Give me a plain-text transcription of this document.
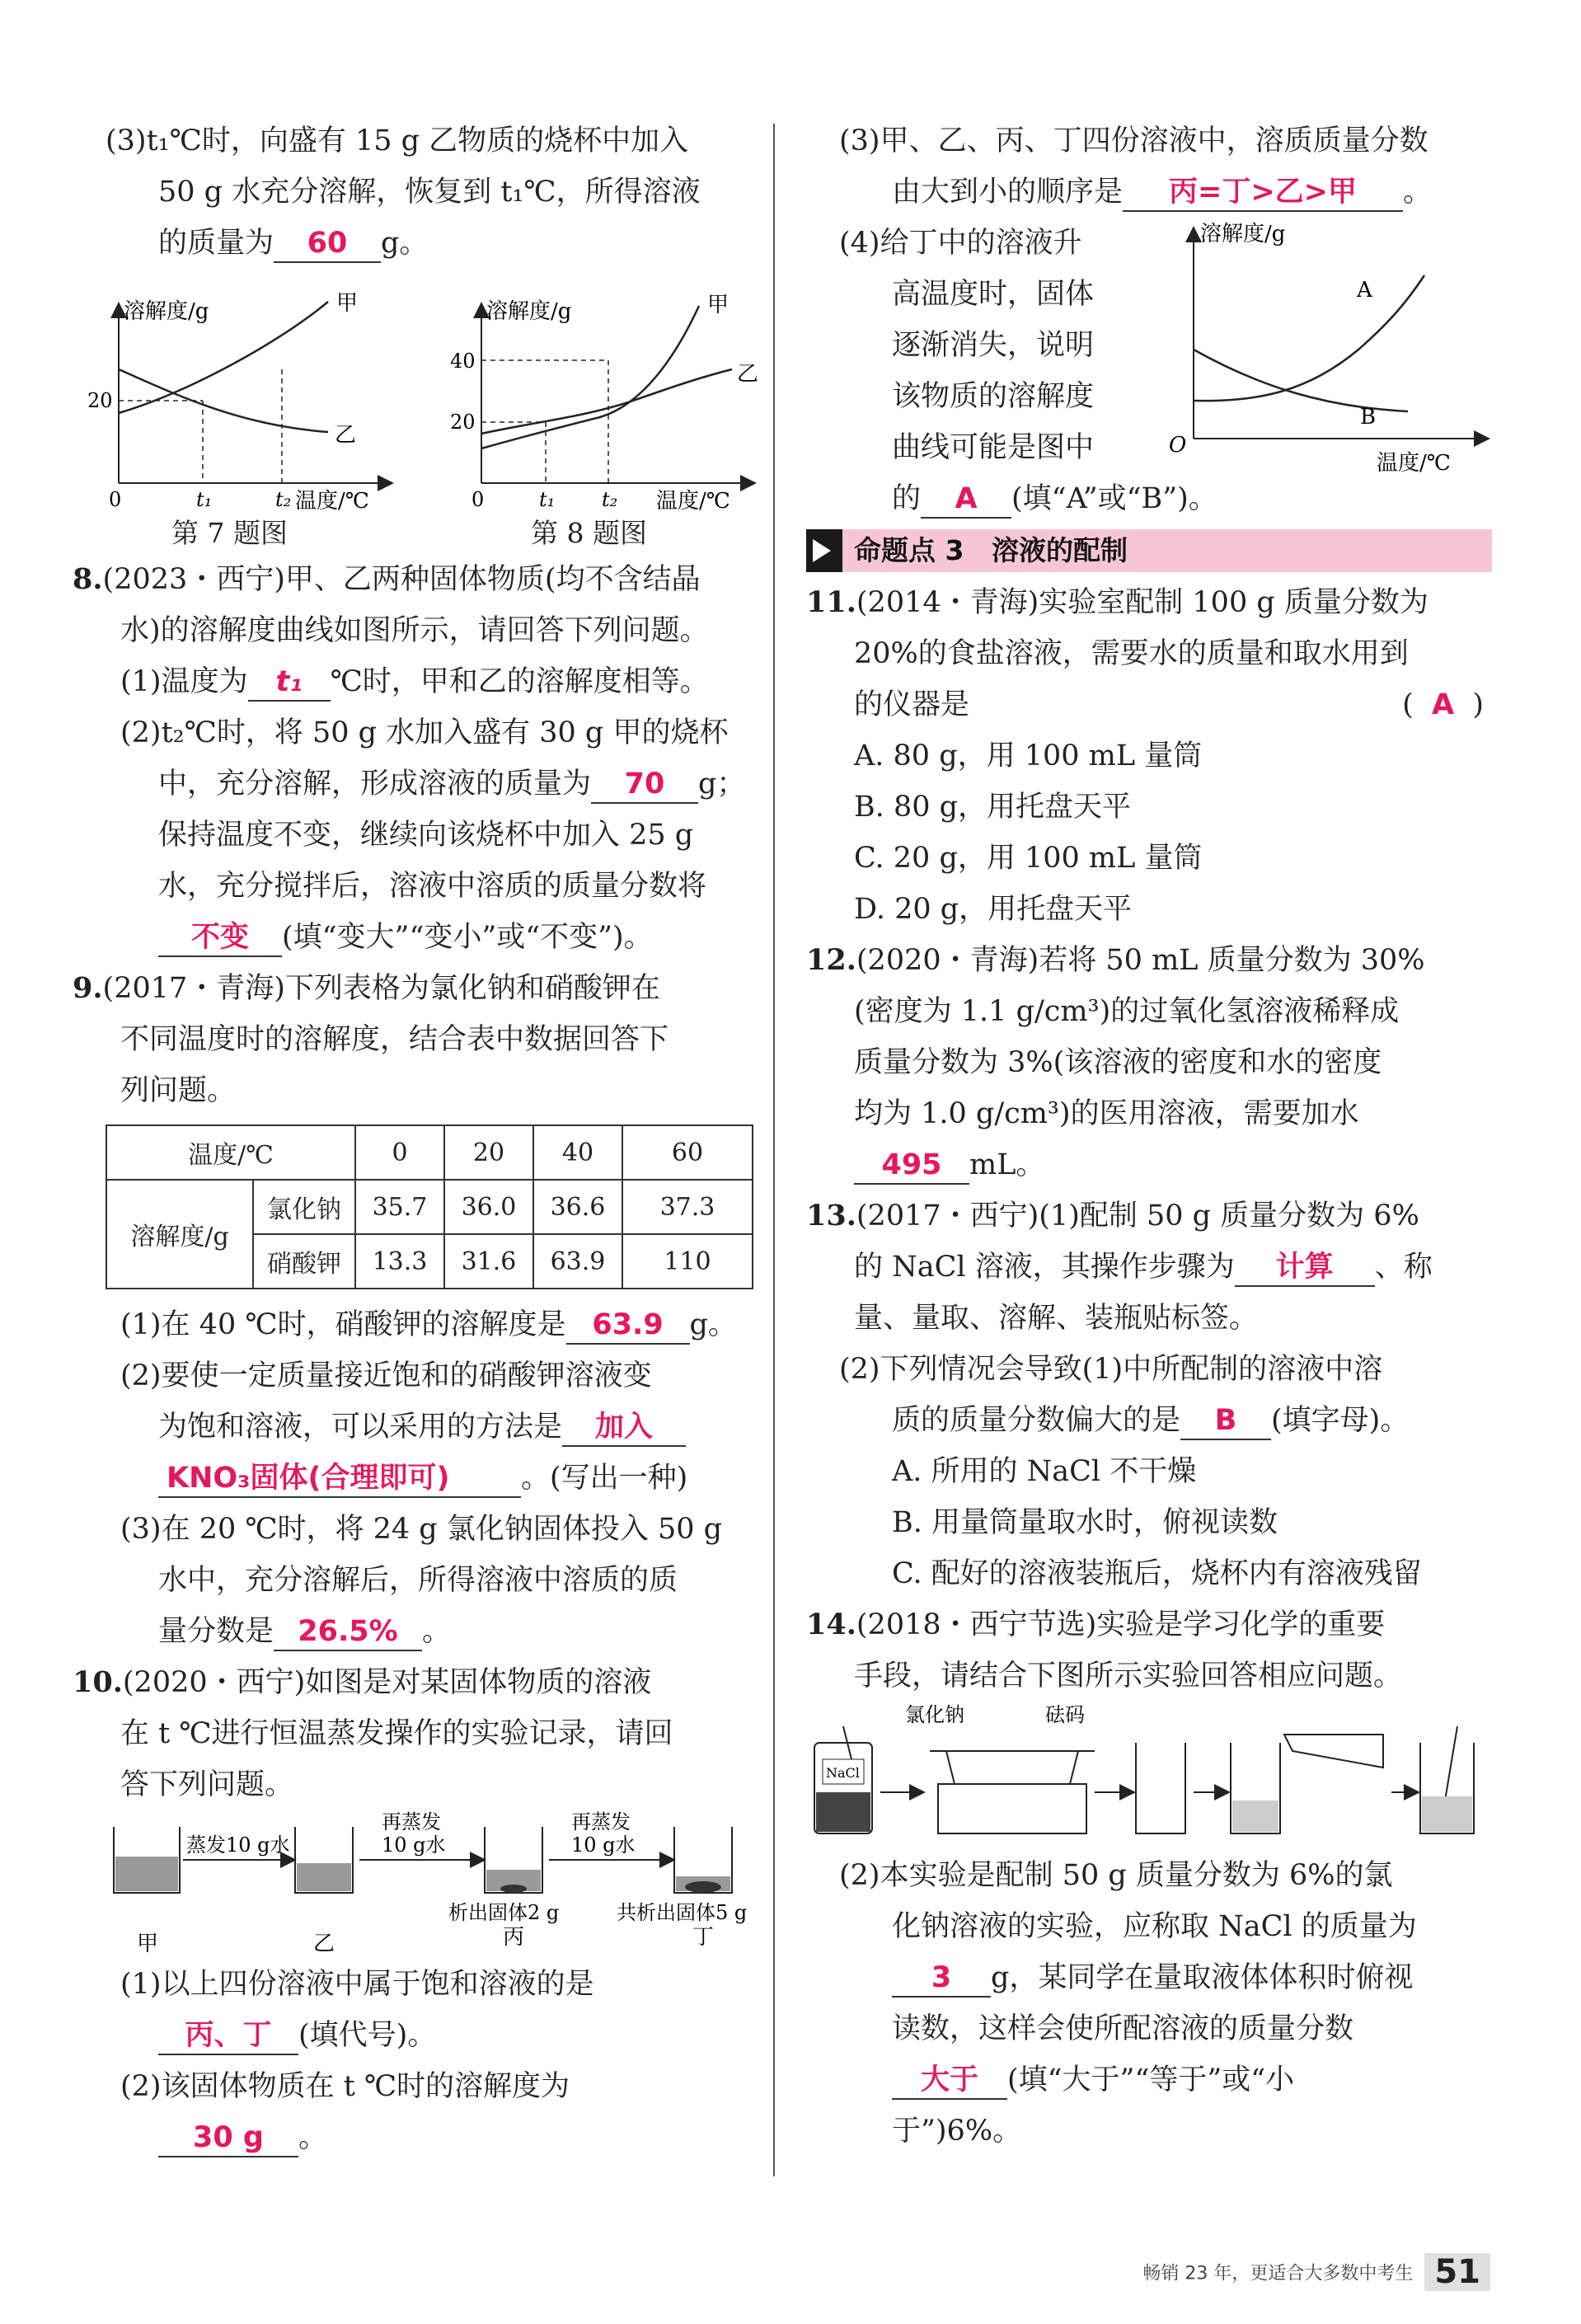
(3)t₁℃时，向盛有 15 g 乙物质的烧杯中加入
50 g 水充分溶解，恢复到 t₁℃，所得溶液
的质量为 60 g。
溶解度/g
温度/℃
甲
乙
20
0	t₁	t₂
溶解度/g
温度/℃
甲
乙
40
20
0	t₁ t₂
第 7 题图	第 8 题图
8.(2023・西宁)甲、乙两种固体物质(均不含结晶
水)的溶解度曲线如图所示，请回答下列问题。
(1)温度为 t₁ ℃时，甲和乙的溶解度相等。
(2)t₂℃时，将 50 g 水加入盛有 30 g 甲的烧杯
中，充分溶解，形成溶液的质量为 70 g；
保持温度不变，继续向该烧杯中加入 25 g
水，充分搅拌后，溶液中溶质的质量分数将
不变 (填“变大”“变小”或“不变”)。
9.(2017・青海)下列表格为氯化钠和硝酸钾在
不同温度时的溶解度，结合表中数据回答下
列问题。
温度/℃		0	20	40	60
溶解度/g	氯化钠	35.7	36.0	36.6	37.3
	硝酸钾	13.3	31.6	63.9	110
(1)在 40 ℃时，硝酸钾的溶解度是 63.9 g。
(2)要使一定质量接近饱和的硝酸钾溶液变
为饱和溶液，可以采用的方法是 加入
KNO₃固体(合理即可) 。(写出一种)
(3)在 20 ℃时，将 24 g 氯化钠固体投入 50 g
水中，充分溶解后，所得溶液中溶质的质
量分数是 26.5% 。
10.(2020・西宁)如图是对某固体物质的溶液
在 t ℃进行恒温蒸发操作的实验记录，请回
答下列问题。
蒸发10 g水
再蒸发
10 g水
再蒸发
10 g水
析出固体2 g	共析出固体5 g
甲	乙	丙	丁
(1)以上四份溶液中属于饱和溶液的是
丙、丁 (填代号)。
(2)该固体物质在 t ℃时的溶解度为
30 g 。
(3)甲、乙、丙、丁四份溶液中，溶质质量分数
由大到小的顺序是 丙=丁>乙>甲 。
(4)给丁中的溶液升
高温度时，固体
逐渐消失，说明
该物质的溶解度
曲线可能是图中
的 A (填“A”或“B”)。
溶解度/g
温度/℃
A
B
O
命题点 3 溶液的配制
11.(2014・青海)实验室配制 100 g 质量分数为
20%的食盐溶液，需要水的质量和取水用到
的仪器是	(  A  )
A. 80 g，用 100 mL 量筒
B. 80 g，用托盘天平
C. 20 g，用 100 mL 量筒
D. 20 g，用托盘天平
12.(2020・青海)若将 50 mL 质量分数为 30%
(密度为 1.1 g/cm³)的过氧化氢溶液稀释成
质量分数为 3%(该溶液的密度和水的密度
均为 1.0 g/cm³)的医用溶液，需要加水
495 mL。
13.(2017・西宁)(1)配制 50 g 质量分数为 6%
的 NaCl 溶液，其操作步骤为 计算 、称
量、量取、溶解、装瓶贴标签。
(2)下列情况会导致(1)中所配制的溶液中溶
质的质量分数偏大的是 B (填字母)。
A. 所用的 NaCl 不干燥
B. 用量筒量取水时，俯视读数
C. 配好的溶液装瓶后，烧杯内有溶液残留
14.(2018・西宁节选)实验是学习化学的重要
手段，请结合下图所示实验回答相应问题。
NaCl
氯化钠	砝码
(2)本实验是配制 50 g 质量分数为 6%的氯
化钠溶液的实验，应称取 NaCl 的质量为
3 g，某同学在量取液体体积时俯视
读数，这样会使所配溶液的质量分数
大于 (填“大于”“等于”或“小
于”)6%。
畅销 23 年，更适合大多数中考生 51
